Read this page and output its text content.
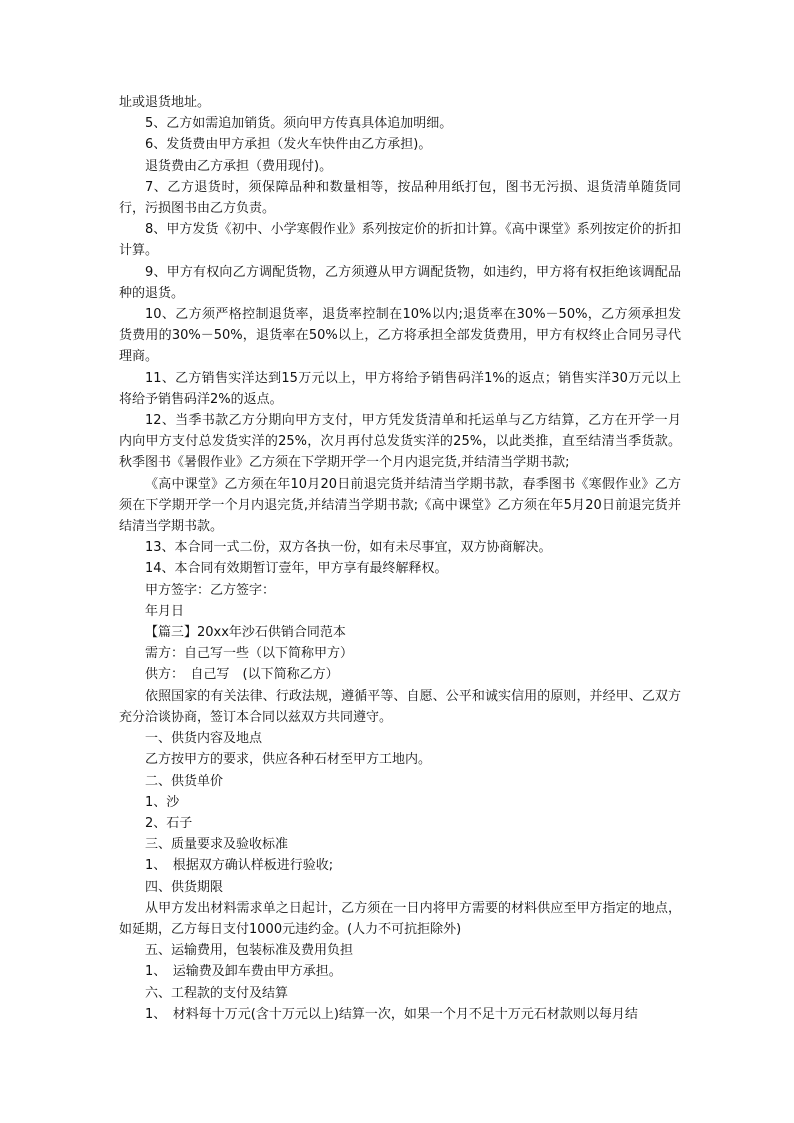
址或退货地址。

5、乙方如需追加销货。须向甲方传真具体追加明细。

6、发货费由甲方承担（发火车快件由乙方承担)。

退货费由乙方承担（费用现付)。

7、乙方退货时，须保障品种和数量相等，按品种用纸打包，图书无污损、退货清单随货同行，污损图书由乙方负责。

8、甲方发货《初中、小学寒假作业》系列按定价的折扣计算。《高中课堂》系列按定价的折扣计算。

9、甲方有权向乙方调配货物，乙方须遵从甲方调配货物，如违约，甲方将有权拒绝该调配品种的退货。

10、乙方须严格控制退货率，退货率控制在10%以内;退货率在30%－50%，乙方须承担发货费用的30%－50%，退货率在50%以上，乙方将承担全部发货费用，甲方有权终止合同另寻代理商。

11、乙方销售实洋达到15万元以上，甲方将给予销售码洋1%的返点；销售实洋30万元以上将给予销售码洋2%的返点。

12、当季书款乙方分期向甲方支付，甲方凭发货清单和托运单与乙方结算，乙方在开学一月内向甲方支付总发货实洋的25%，次月再付总发货实洋的25%，以此类推，直至结清当季货款。秋季图书《暑假作业》乙方须在下学期开学一个月内退完货,并结清当学期书款;

《高中课堂》乙方须在年10月20日前退完货并结清当学期书款，春季图书《寒假作业》乙方须在下学期开学一个月内退完货,并结清当学期书款;《高中课堂》乙方须在年5月20日前退完货并结清当学期书款。

13、本合同一式二份，双方各执一份，如有未尽事宜，双方协商解决。

14、本合同有效期暂订壹年，甲方享有最终解释权。

甲方签字：乙方签字：

年月日

【篇三】20xx年沙石供销合同范本

需方：自己写一些（以下简称甲方）

供方：　自己写　(以下简称乙方）

依照国家的有关法律、行政法规，遵循平等、自愿、公平和诚实信用的原则，并经甲、乙双方充分洽谈协商，签订本合同以兹双方共同遵守。

一、供货内容及地点

乙方按甲方的要求，供应各种石材至甲方工地内。

二、供货单价

1、沙

2、石子

三、质量要求及验收标准

1、　根据双方确认样板进行验收;

四、供货期限

从甲方发出材料需求单之日起计，乙方须在一日内将甲方需要的材料供应至甲方指定的地点，如延期，乙方每日支付1000元违约金。(人力不可抗拒除外)

五、运输费用，包装标准及费用负担

1、　运输费及卸车费由甲方承担。

六、工程款的支付及结算

1、　材料每十万元(含十万元以上)结算一次，如果一个月不足十万元石材款则以每月结
